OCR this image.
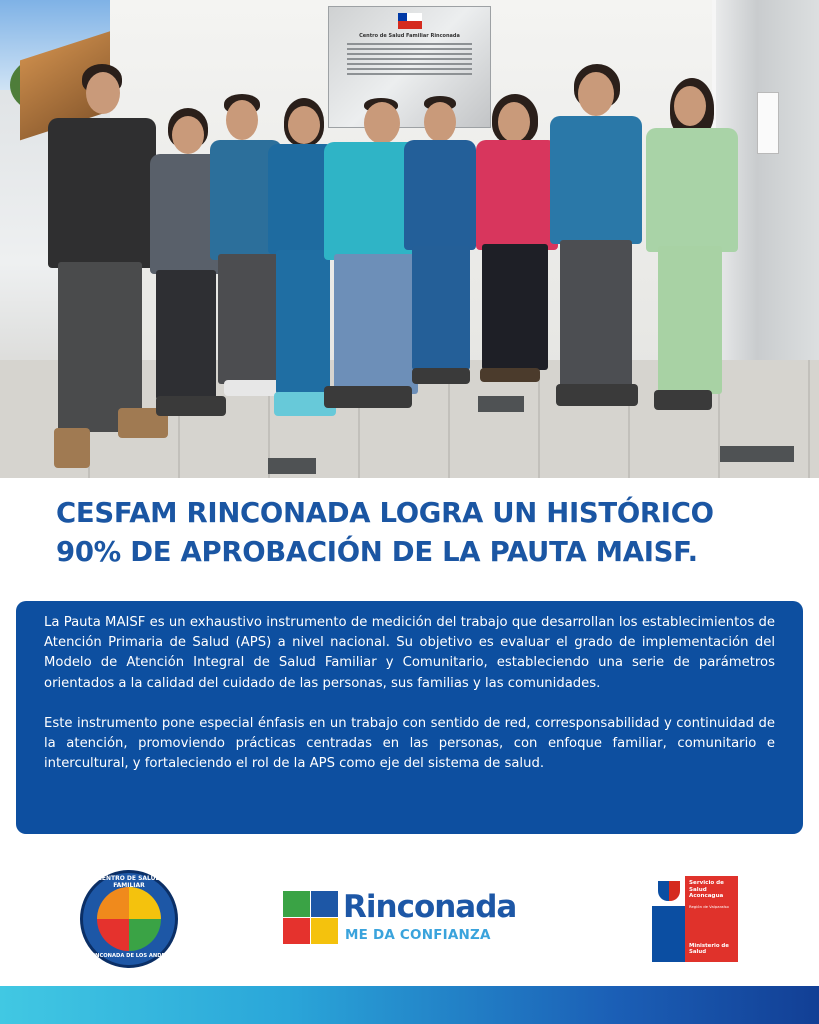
Centro de Salud Familiar Rinconada
CESFAM RINCONADA LOGRA UN HISTÓRICO
90% DE APROBACIÓN DE LA PAUTA MAISF.

La Pauta MAISF es un exhaustivo instrumento de medición del trabajo que desarrollan los establecimientos de Atención Primaria de Salud (APS) a nivel nacional. Su objetivo es evaluar el grado de implementación del Modelo de Atención Integral de Salud Familiar y Comunitario, estableciendo una serie de parámetros orientados a la calidad del cuidado de las personas, sus familias y las comunidades.

Este instrumento pone especial énfasis en un trabajo con sentido de red, corresponsabilidad y continuidad de la atención, promoviendo prácticas centradas en las personas, con enfoque familiar, comunitario e intercultural, y fortaleciendo el rol de la APS como eje del sistema de salud.

CENTRO DE SALUD FAMILIAR
RINCONADA DE LOS ANDES
Rinconada
ME DA CONFIANZA
Servicio de Salud Aconcagua
Región de Valparaíso
Ministerio de Salud
